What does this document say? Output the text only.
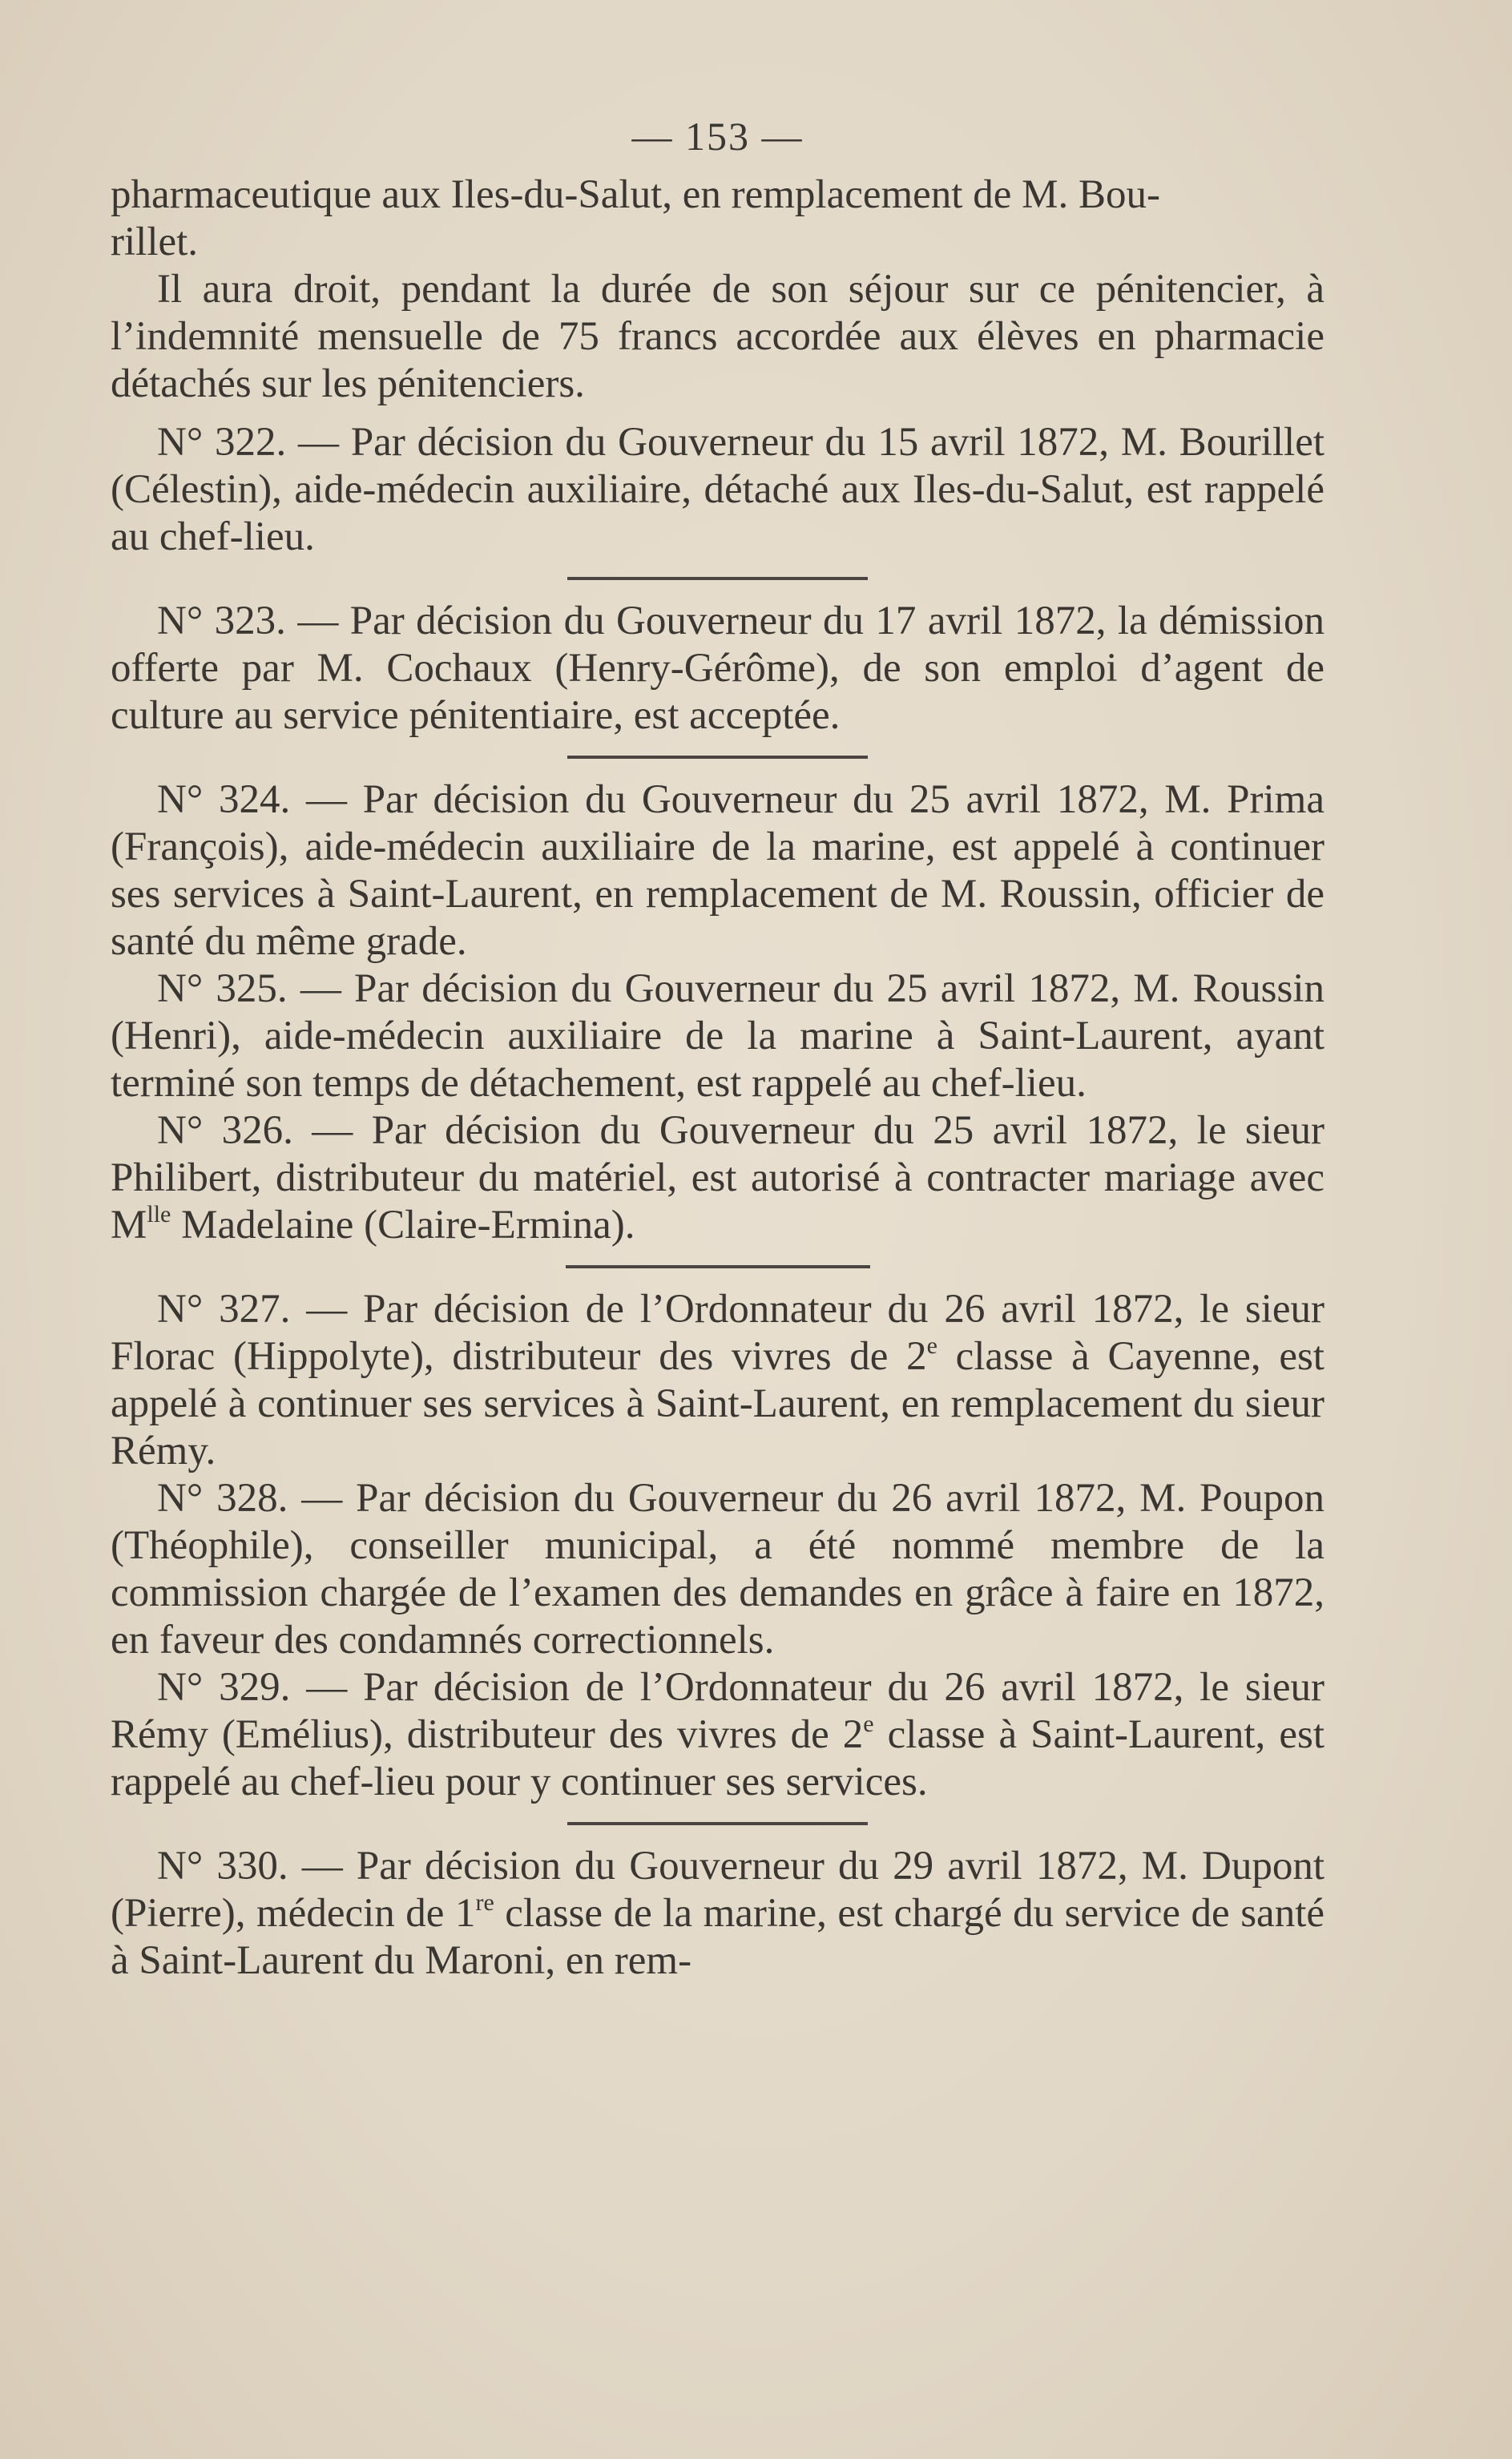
— 153 —

pharmaceutique aux Iles-du-Salut, en remplacement de M. Bou-
rillet.

Il aura droit, pendant la durée de son séjour sur ce pénitencier, à l’indemnité mensuelle de 75 francs accordée aux élèves en pharmacie détachés sur les pénitenciers.

N° 322. — Par décision du Gouverneur du 15 avril 1872, M. Bourillet (Célestin), aide-médecin auxiliaire, détaché aux Iles-du-Salut, est rappelé au chef-lieu.

N° 323. — Par décision du Gouverneur du 17 avril 1872, la démission offerte par M. Cochaux (Henry-Gérôme), de son emploi d’agent de culture au service pénitentiaire, est acceptée.

N° 324. — Par décision du Gouverneur du 25 avril 1872, M. Prima (François), aide-médecin auxiliaire de la marine, est appelé à continuer ses services à Saint-Laurent, en remplacement de M. Roussin, officier de santé du même grade.

N° 325. — Par décision du Gouverneur du 25 avril 1872, M. Roussin (Henri), aide-médecin auxiliaire de la marine à Saint-Laurent, ayant terminé son temps de détachement, est rappelé au chef-lieu.

N° 326. — Par décision du Gouverneur du 25 avril 1872, le sieur Philibert, distributeur du matériel, est autorisé à contracter mariage avec $M^{lle}$ Madelaine (Claire-Ermina).

N° 327. — Par décision de l’Ordonnateur du 26 avril 1872, le sieur Florac (Hippolyte), distributeur des vivres de 2e classe à Cayenne, est appelé à continuer ses services à Saint-Laurent, en remplacement du sieur Rémy.

N° 328. — Par décision du Gouverneur du 26 avril 1872, M. Poupon (Théophile), conseiller municipal, a été nommé membre de la commission chargée de l’examen des demandes en grâce à faire en 1872, en faveur des condamnés correctionnels.

N° 329. — Par décision de l’Ordonnateur du 26 avril 1872, le sieur Rémy (Emélius), distributeur des vivres de 2e classe à Saint-Laurent, est rappelé au chef-lieu pour y continuer ses services.

N° 330. — Par décision du Gouverneur du 29 avril 1872, M. Dupont (Pierre), médecin de 1re classe de la marine, est chargé du service de santé à Saint-Laurent du Maroni, en rem-
